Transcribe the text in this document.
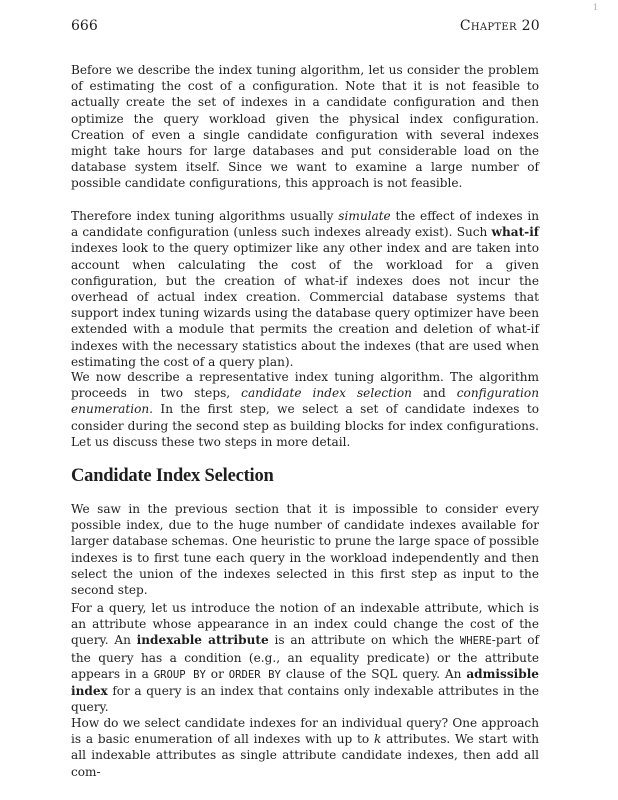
666	Chapter 20
1

Before we describe the index tuning algorithm, let us consider the problem of estimating the cost of a configuration. Note that it is not feasible to actually create the set of indexes in a candidate configuration and then optimize the query workload given the physical index configuration. Creation of even a single candidate configuration with several indexes might take hours for large databases and put considerable load on the database system itself. Since we want to examine a large number of possible candidate configurations, this approach is not feasible.

Therefore index tuning algorithms usually simulate the effect of indexes in a candidate configuration (unless such indexes already exist). Such what-if indexes look to the query optimizer like any other index and are taken into account when calculating the cost of the workload for a given configuration, but the creation of what-if indexes does not incur the overhead of actual index creation. Commercial database systems that support index tuning wizards using the database query optimizer have been extended with a module that permits the creation and deletion of what-if indexes with the necessary statistics about the indexes (that are used when estimating the cost of a query plan).

We now describe a representative index tuning algorithm. The algorithm proceeds in two steps, candidate index selection and configuration enumeration. In the first step, we select a set of candidate indexes to consider during the second step as building blocks for index configurations. Let us discuss these two steps in more detail.

Candidate Index Selection

We saw in the previous section that it is impossible to consider every possible index, due to the huge number of candidate indexes available for larger database schemas. One heuristic to prune the large space of possible indexes is to first tune each query in the workload independently and then select the union of the indexes selected in this first step as input to the second step.

For a query, let us introduce the notion of an indexable attribute, which is an attribute whose appearance in an index could change the cost of the query. An indexable attribute is an attribute on which the WHERE-part of the query has a condition (e.g., an equality predicate) or the attribute appears in a GROUP BY or ORDER BY clause of the SQL query. An admissible index for a query is an index that contains only indexable attributes in the query.

How do we select candidate indexes for an individual query? One approach is a basic enumeration of all indexes with up to k attributes. We start with all indexable attributes as single attribute candidate indexes, then add all com-
